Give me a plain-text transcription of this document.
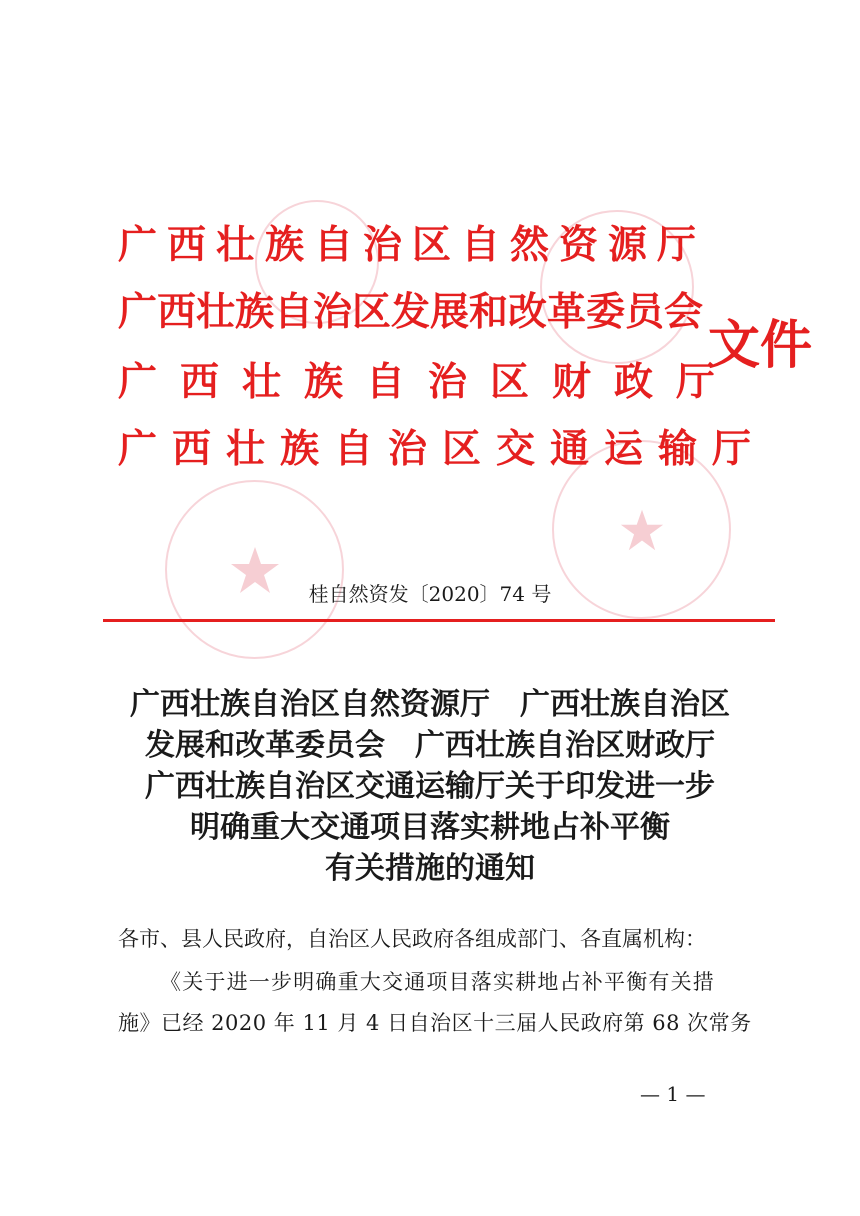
广西壮族自治区自然资源厅
广西壮族自治区发展和改革委员会
广西壮族自治区财政厅
广西壮族自治区交通运输厅
文件
桂自然资发〔2020〕74 号
广西壮族自治区自然资源厅　广西壮族自治区
发展和改革委员会　广西壮族自治区财政厅
广西壮族自治区交通运输厅关于印发进一步
明确重大交通项目落实耕地占补平衡
有关措施的通知
各市、县人民政府，自治区人民政府各组成部门、各直属机构：
《关于进一步明确重大交通项目落实耕地占补平衡有关措
施》已经 2020 年 11 月 4 日自治区十三届人民政府第 68 次常务
— 1 —
